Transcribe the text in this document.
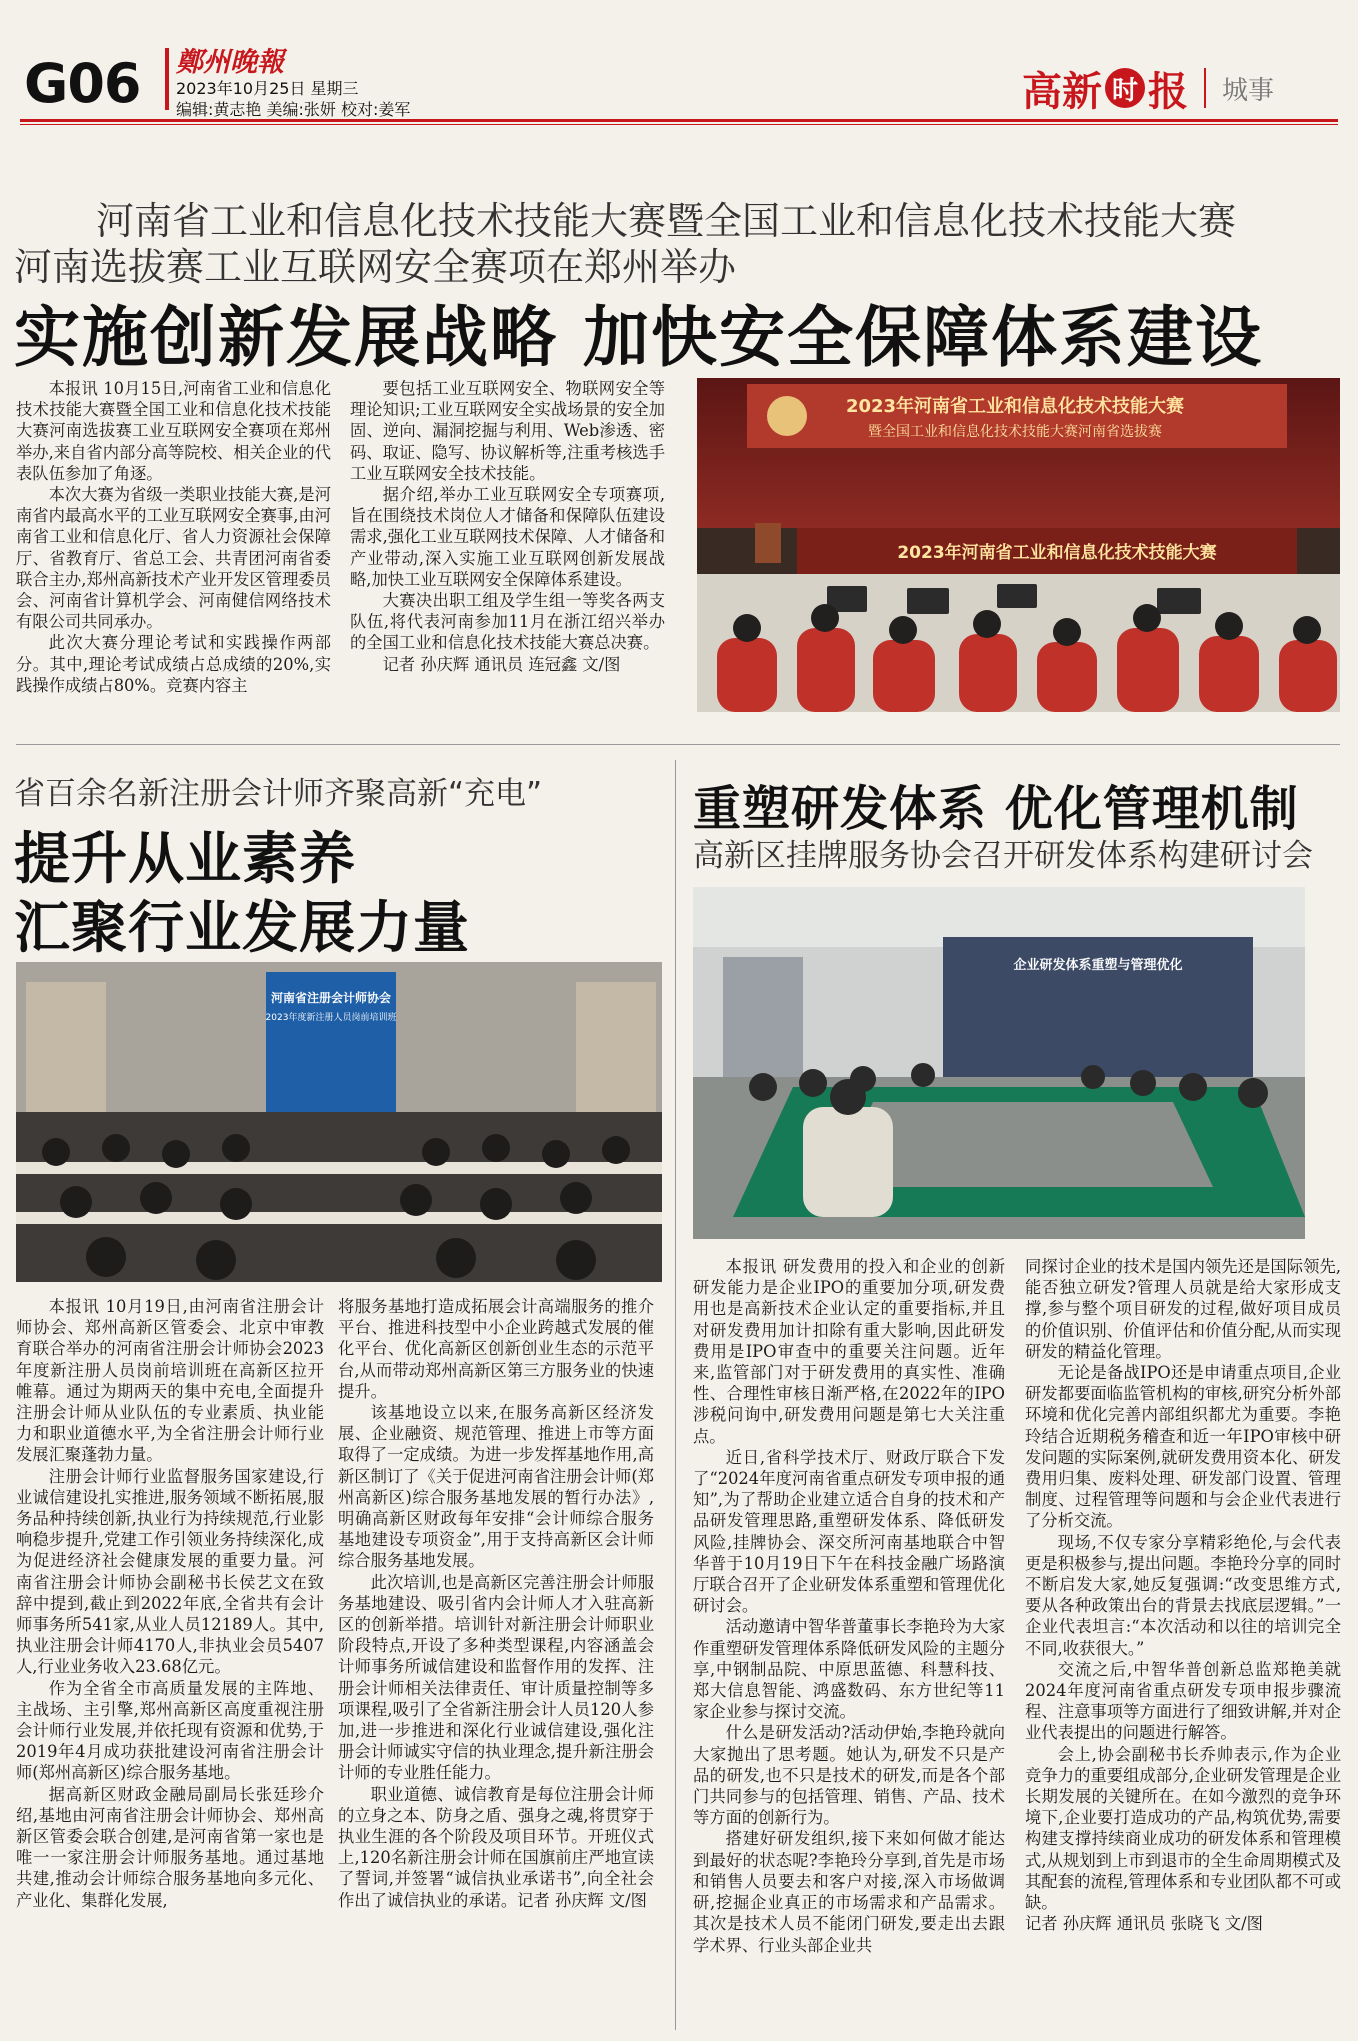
G06 鄭州晚報
2023年10月25日 星期三
编辑:黄志艳 美编:张妍 校对:姜军	高新 时 报 城事
河南省工业和信息化技术技能大赛暨全国工业和信息化技术技能大赛
河南选拔赛工业互联网安全赛项在郑州举办
实施创新发展战略 加快安全保障体系建设

本报讯 10月15日,河南省工业和信息化技术技能大赛暨全国工业和信息化技术技能大赛河南选拔赛工业互联网安全赛项在郑州举办,来自省内部分高等院校、相关企业的代表队伍参加了角逐。

本次大赛为省级一类职业技能大赛,是河南省内最高水平的工业互联网安全赛事,由河南省工业和信息化厅、省人力资源社会保障厅、省教育厅、省总工会、共青团河南省委联合主办,郑州高新技术产业开发区管理委员会、河南省计算机学会、河南健信网络技术有限公司共同承办。

此次大赛分理论考试和实践操作两部分。其中,理论考试成绩占总成绩的20%,实践操作成绩占80%。竞赛内容主

要包括工业互联网安全、物联网安全等理论知识;工业互联网安全实战场景的安全加固、逆向、漏洞挖掘与利用、Web渗透、密码、取证、隐写、协议解析等,注重考核选手工业互联网安全技术技能。

据介绍,举办工业互联网安全专项赛项,旨在围绕技术岗位人才储备和保障队伍建设需求,强化工业互联网技术保障、人才储备和产业带动,深入实施工业互联网创新发展战略,加快工业互联网安全保障体系建设。

大赛决出职工组及学生组一等奖各两支队伍,将代表河南参加11月在浙江绍兴举办的全国工业和信息化技术技能大赛总决赛。

记者 孙庆辉 通讯员 连冠鑫 文/图

2023年河南省工业和信息化技术技能大赛
暨全国工业和信息化技术技能大赛河南省选拔赛
2023年河南省工业和信息化技术技能大赛
省百余名新注册会计师齐聚高新“充电”
提升从业素养
汇聚行业发展力量
河南省注册会计师协会
2023年度新注册人员岗前培训班

本报讯 10月19日,由河南省注册会计师协会、郑州高新区管委会、北京中审教育联合举办的河南省注册会计师协会2023年度新注册人员岗前培训班在高新区拉开帷幕。通过为期两天的集中充电,全面提升注册会计师从业队伍的专业素质、执业能力和职业道德水平,为全省注册会计师行业发展汇聚蓬勃力量。

注册会计师行业监督服务国家建设,行业诚信建设扎实推进,服务领域不断拓展,服务品种持续创新,执业行为持续规范,行业影响稳步提升,党建工作引领业务持续深化,成为促进经济社会健康发展的重要力量。河南省注册会计师协会副秘书长侯艺文在致辞中提到,截止到2022年底,全省共有会计师事务所541家,从业人员12189人。其中,执业注册会计师4170人,非执业会员5407人,行业业务收入23.68亿元。

作为全省全市高质量发展的主阵地、主战场、主引擎,郑州高新区高度重视注册会计师行业发展,并依托现有资源和优势,于2019年4月成功获批建设河南省注册会计师(郑州高新区)综合服务基地。

据高新区财政金融局副局长张廷珍介绍,基地由河南省注册会计师协会、郑州高新区管委会联合创建,是河南省第一家也是唯一一家注册会计师服务基地。通过基地共建,推动会计师综合服务基地向多元化、产业化、集群化发展,

将服务基地打造成拓展会计高端服务的推介平台、推进科技型中小企业跨越式发展的催化平台、优化高新区创新创业生态的示范平台,从而带动郑州高新区第三方服务业的快速提升。

该基地设立以来,在服务高新区经济发展、企业融资、规范管理、推进上市等方面取得了一定成绩。为进一步发挥基地作用,高新区制订了《关于促进河南省注册会计师(郑州高新区)综合服务基地发展的暂行办法》,明确高新区财政每年安排“会计师综合服务基地建设专项资金”,用于支持高新区会计师综合服务基地发展。

此次培训,也是高新区完善注册会计师服务基地建设、吸引省内会计师人才入驻高新区的创新举措。培训针对新注册会计师职业阶段特点,开设了多种类型课程,内容涵盖会计师事务所诚信建设和监督作用的发挥、注册会计师相关法律责任、审计质量控制等多项课程,吸引了全省新注册会计人员120人参加,进一步推进和深化行业诚信建设,强化注册会计师诚实守信的执业理念,提升新注册会计师的专业胜任能力。

职业道德、诚信教育是每位注册会计师的立身之本、防身之盾、强身之魂,将贯穿于执业生涯的各个阶段及项目环节。开班仪式上,120名新注册会计师在国旗前庄严地宣读了誓词,并签署“诚信执业承诺书”,向全社会作出了诚信执业的承诺。记者 孙庆辉 文/图

重塑研发体系 优化管理机制
高新区挂牌服务协会召开研发体系构建研讨会
企业研发体系重塑与管理优化

本报讯 研发费用的投入和企业的创新研发能力是企业IPO的重要加分项,研发费用也是高新技术企业认定的重要指标,并且对研发费用加计扣除有重大影响,因此研发费用是IPO审查中的重要关注问题。近年来,监管部门对于研发费用的真实性、准确性、合理性审核日渐严格,在2022年的IPO涉税问询中,研发费用问题是第七大关注重点。

近日,省科学技术厅、财政厅联合下发了“2024年度河南省重点研发专项申报的通知”,为了帮助企业建立适合自身的技术和产品研发管理思路,重塑研发体系、降低研发风险,挂牌协会、深交所河南基地联合中智华普于10月19日下午在科技金融广场路演厅联合召开了企业研发体系重塑和管理优化研讨会。

活动邀请中智华普董事长李艳玲为大家作重塑研发管理体系降低研发风险的主题分享,中钢制品院、中原思蓝德、科慧科技、郑大信息智能、鸿盛数码、东方世纪等11家企业参与探讨交流。

什么是研发活动?活动伊始,李艳玲就向大家抛出了思考题。她认为,研发不只是产品的研发,也不只是技术的研发,而是各个部门共同参与的包括管理、销售、产品、技术等方面的创新行为。

搭建好研发组织,接下来如何做才能达到最好的状态呢?李艳玲分享到,首先是市场和销售人员要去和客户对接,深入市场做调研,挖掘企业真正的市场需求和产品需求。其次是技术人员不能闭门研发,要走出去跟学术界、行业头部企业共

同探讨企业的技术是国内领先还是国际领先,能否独立研发?管理人员就是给大家形成支撑,参与整个项目研发的过程,做好项目成员的价值识别、价值评估和价值分配,从而实现研发的精益化管理。

无论是备战IPO还是申请重点项目,企业研发都要面临监管机构的审核,研究分析外部环境和优化完善内部组织都尤为重要。李艳玲结合近期税务稽查和近一年IPO审核中研发问题的实际案例,就研发费用资本化、研发费用归集、废料处理、研发部门设置、管理制度、过程管理等问题和与会企业代表进行了分析交流。

现场,不仅专家分享精彩绝伦,与会代表更是积极参与,提出问题。李艳玲分享的同时不断启发大家,她反复强调:“改变思维方式,要从各种政策出台的背景去找底层逻辑。”一企业代表坦言:“本次活动和以往的培训完全不同,收获很大。”

交流之后,中智华普创新总监郑艳美就2024年度河南省重点研发专项申报步骤流程、注意事项等方面进行了细致讲解,并对企业代表提出的问题进行解答。

会上,协会副秘书长乔帅表示,作为企业竞争力的重要组成部分,企业研发管理是企业长期发展的关键所在。在如今激烈的竞争环境下,企业要打造成功的产品,构筑优势,需要构建支撑持续商业成功的研发体系和管理模式,从规划到上市到退市的全生命周期模式及其配套的流程,管理体系和专业团队都不可或缺。

记者 孙庆辉 通讯员 张晓飞 文/图
